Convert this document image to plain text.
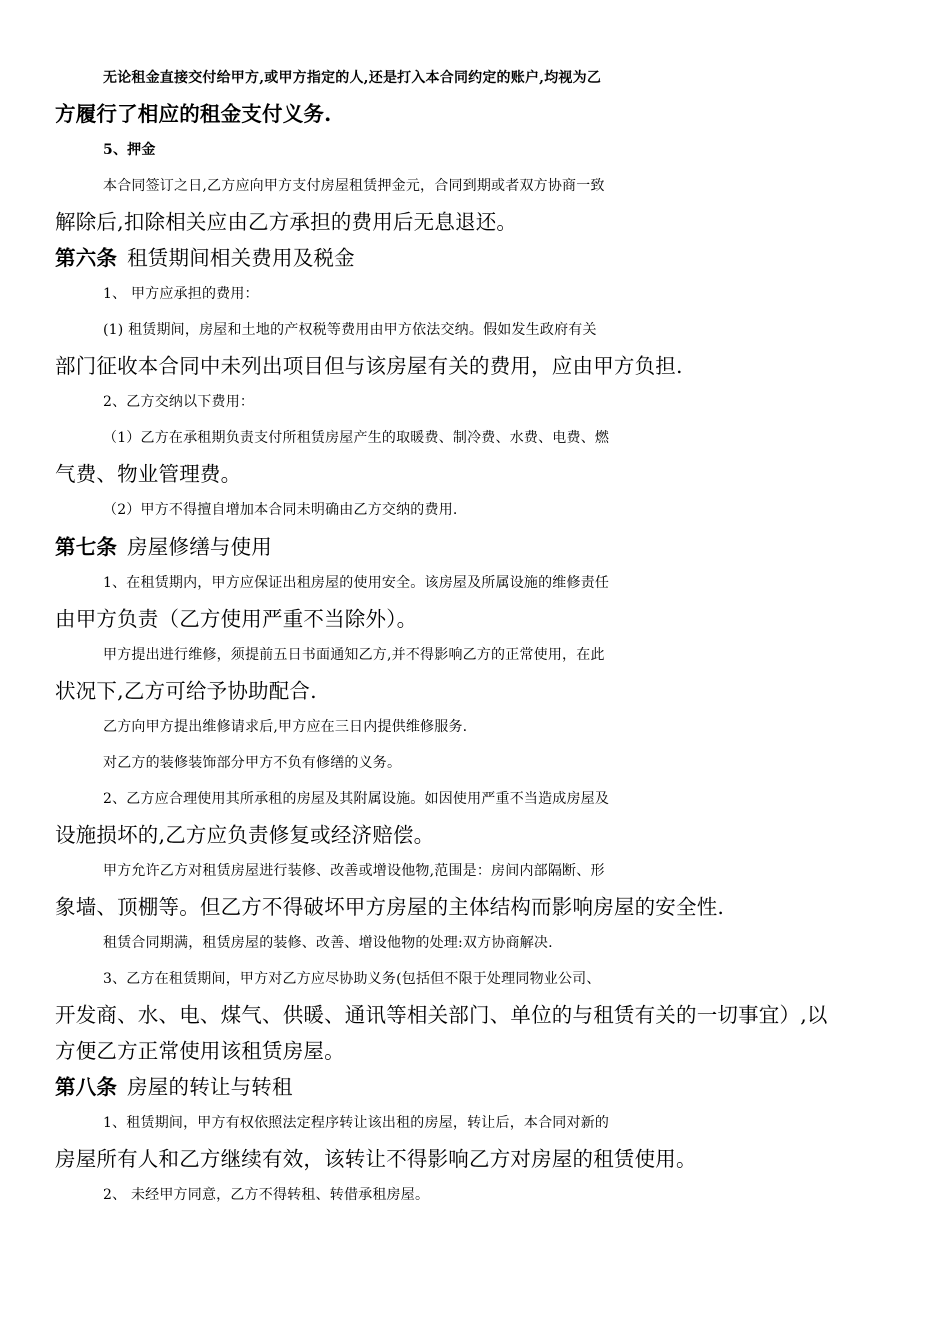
无论租金直接交付给甲方,或甲方指定的人,还是打入本合同约定的账户,均视为乙
方履行了相应的租金支付义务.
5、押金
本合同签订之日,乙方应向甲方支付房屋租赁押金元，合同到期或者双方协商一致
解除后,扣除相关应由乙方承担的费用后无息退还。
第六条 租赁期间相关费用及税金
1、 甲方应承担的费用：
(1) 租赁期间，房屋和土地的产权税等费用由甲方依法交纳。假如发生政府有关
部门征收本合同中未列出项目但与该房屋有关的费用，应由甲方负担.
2、乙方交纳以下费用：
（1）乙方在承租期负责支付所租赁房屋产生的取暖费、制冷费、水费、电费、燃
气费、物业管理费。
（2）甲方不得擅自增加本合同未明确由乙方交纳的费用.
第七条 房屋修缮与使用
1、在租赁期内，甲方应保证出租房屋的使用安全。该房屋及所属设施的维修责任
由甲方负责（乙方使用严重不当除外）。
甲方提出进行维修，须提前五日书面通知乙方,并不得影响乙方的正常使用，在此
状况下,乙方可给予协助配合.
乙方向甲方提出维修请求后,甲方应在三日内提供维修服务.
对乙方的装修装饰部分甲方不负有修缮的义务。
2、乙方应合理使用其所承租的房屋及其附属设施。如因使用严重不当造成房屋及
设施损坏的,乙方应负责修复或经济赔偿。
甲方允许乙方对租赁房屋进行装修、改善或增设他物,范围是：房间内部隔断、形
象墙、顶棚等。但乙方不得破坏甲方房屋的主体结构而影响房屋的安全性.
租赁合同期满，租赁房屋的装修、改善、增设他物的处理:双方协商解决.
3、乙方在租赁期间，甲方对乙方应尽协助义务(包括但不限于处理同物业公司、
开发商、水、电、煤气、供暖、通讯等相关部门、单位的与租赁有关的一切事宜）,以
方便乙方正常使用该租赁房屋。
第八条 房屋的转让与转租
1、租赁期间，甲方有权依照法定程序转让该出租的房屋，转让后，本合同对新的
房屋所有人和乙方继续有效，该转让不得影响乙方对房屋的租赁使用。
2、 未经甲方同意，乙方不得转租、转借承租房屋。
